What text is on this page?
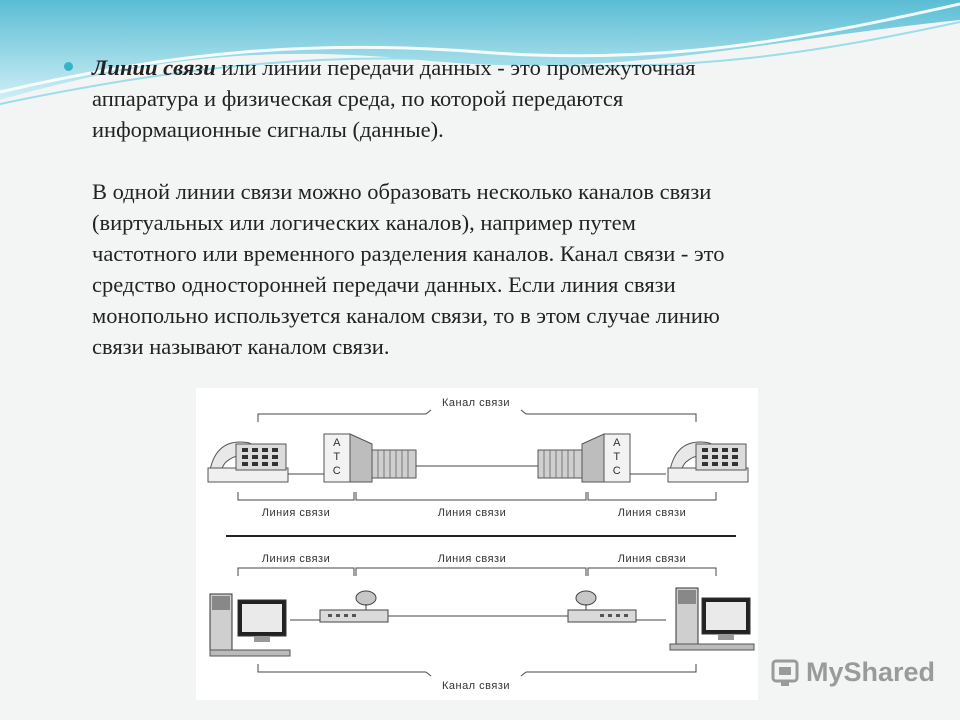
Линии связи или линии передачи данных - это промежуточная
аппаратура и физическая среда, по которой передаются
информационные сигналы (данные).
В одной линии связи можно образовать несколько каналов связи
(виртуальных или логических каналов), например путем
частотного или временного разделения каналов. Канал связи - это
средство односторонней передачи данных. Если линия связи
монопольно используется каналом связи, то в этом случае линию
связи называют каналом связи.
Канал связи
А
Т
С
А
Т
С
Линия связи	Линия связи	Линия связи
Линия связи	Линия связи	Линия связи
Канал связи	MyShared
